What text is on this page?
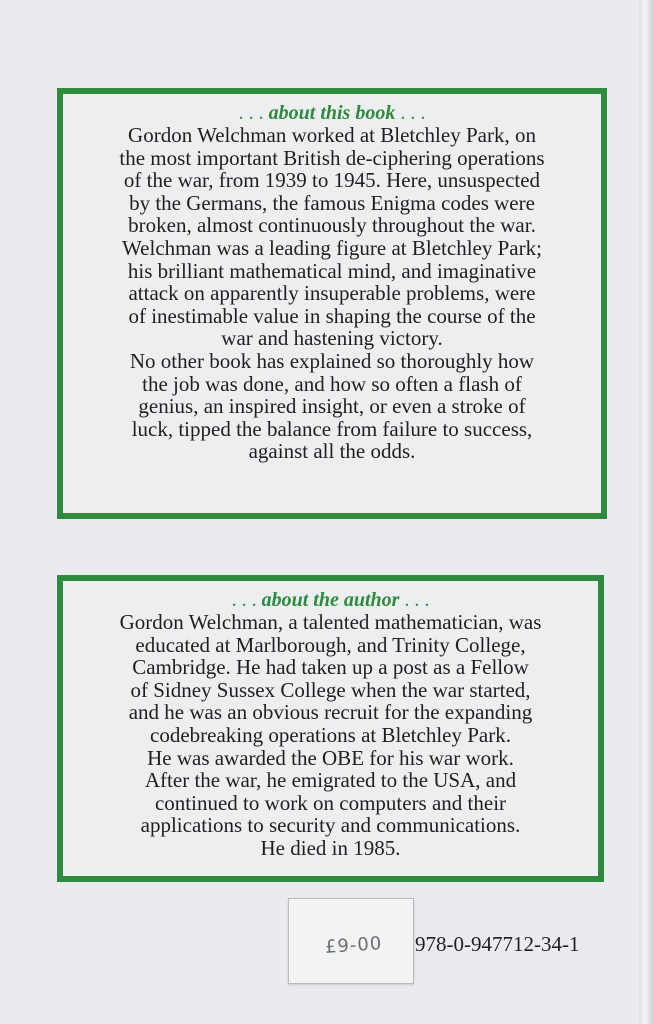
. . . about this book . . .
Gordon Welchman worked at Bletchley Park, on
the most important British de-ciphering operations
of the war, from 1939 to 1945. Here, unsuspected
by the Germans, the famous Enigma codes were
broken, almost continuously throughout the war.
Welchman was a leading figure at Bletchley Park;
his brilliant mathematical mind, and imaginative
attack on apparently insuperable problems, were
of inestimable value in shaping the course of the
war and hastening victory.
No other book has explained so thoroughly how
the job was done, and how so often a flash of
genius, an inspired insight, or even a stroke of
luck, tipped the balance from failure to success,
against all the odds.
. . . about the author . . .
Gordon Welchman, a talented mathematician, was
educated at Marlborough, and Trinity College,
Cambridge. He had taken up a post as a Fellow
of Sidney Sussex College when the war started,
and he was an obvious recruit for the expanding
codebreaking operations at Bletchley Park.
He was awarded the OBE for his war work.
After the war, he emigrated to the USA, and
continued to work on computers and their
applications to security and communications.
He died in 1985.
£9-00 978-0-947712-34-1
